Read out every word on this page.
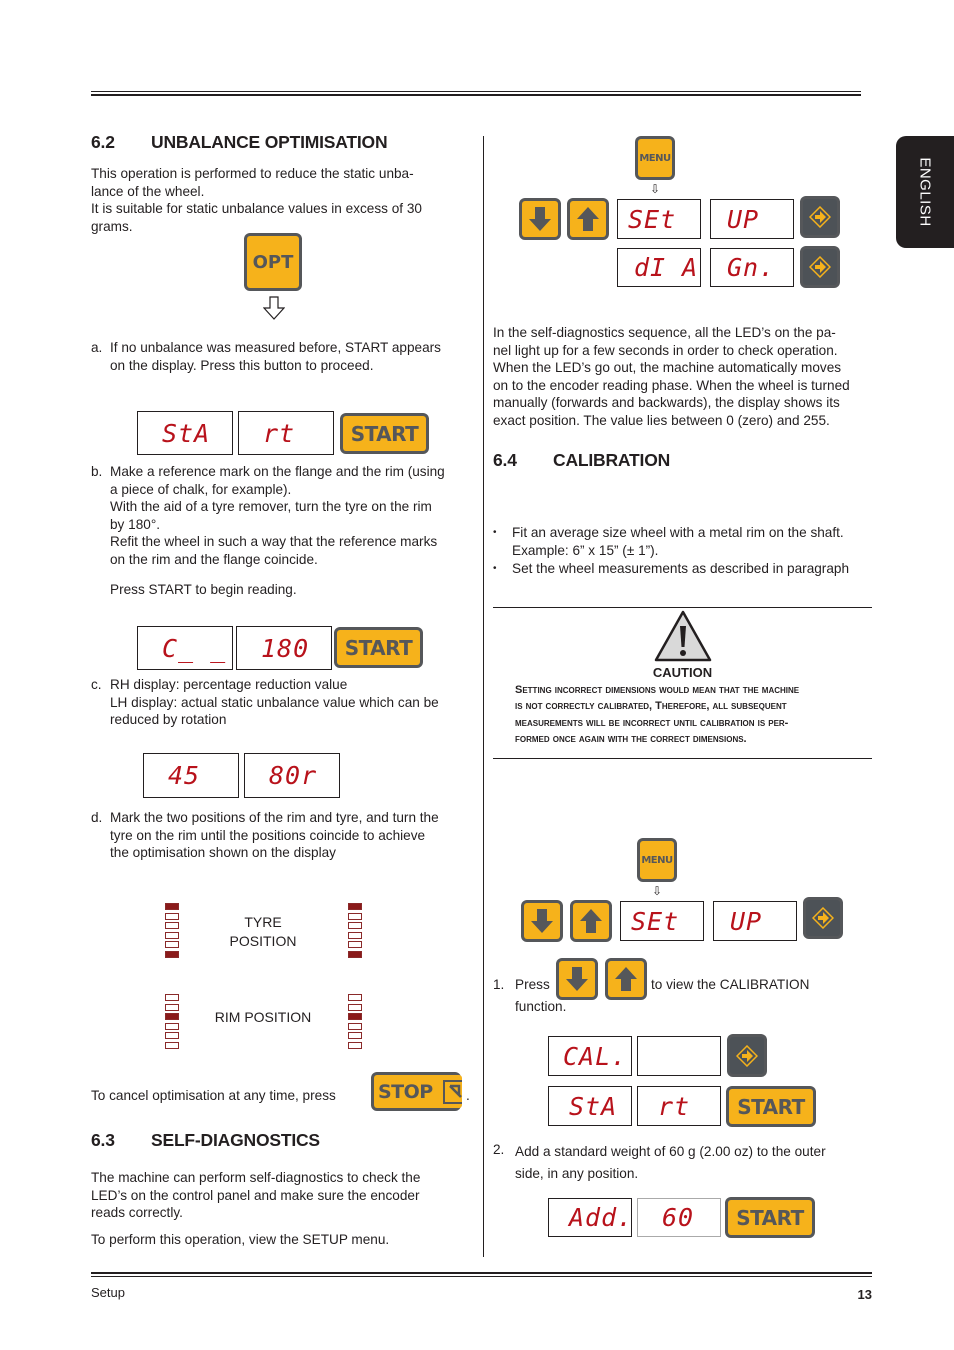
ENGLISH
6.2 UNBALANCE OPTIMISATION
This operation is performed to reduce the static unba-
lance of the wheel.
It is suitable for static unbalance values in excess of 30
grams.
OPT
a. If no unbalance was measured before, START appears
on the display. Press this button to proceed.
StA	rt	START
b. Make a reference mark on the flange and the rim (using
a piece of chalk, for example).
With the aid of a tyre remover, turn the tyre on the rim
by 180°.
Refit the wheel in such a way that the reference marks
on the rim and the flange coincide.
Press START to begin reading.
C_ _	180	START
c. RH display: percentage reduction value
LH display: actual static unbalance value which can be
reduced by rotation
45	80r
d. Mark the two positions of the rim and tyre, and turn the
tyre on the rim until the positions coincide to achieve
the optimisation shown on the display
TYRE
POSITION
RIM POSITION
To cancel optimisation at any time, press STOP .
6.3 SELF-DIAGNOSTICS
The machine can perform self-diagnostics to check the
LED’s on the control panel and make sure the encoder
reads correctly.
To perform this operation, view the SETUP menu.
MENU
⇩
SEt	UP
dI A	Gn.
In the self-diagnostics sequence, all the LED’s on the pa-
nel light up for a few seconds in order to check operation.
When the LED’s go out, the machine automatically moves
on to the encoder reading phase. When the wheel is turned
manually (forwards and backwards), the display shows its
exact position. The value lies between 0 (zero) and 255.
6.4 CALIBRATION
• Fit an average size wheel with a metal rim on the shaft.
Example: 6” x 15” (± 1”).
• Set the wheel measurements as described in paragraph
CAUTION
Setting incorrect dimensions would mean that the machine
is not correctly calibrated, Therefore, all subsequent
measurements will be incorrect until calibration is per-
formed once again with the correct dimensions.
MENU
⇩
SEt	UP
1. Press	to view the CALIBRATION
function.
CAL.
StA	rt	START
2. Add a standard weight of 60 g (2.00 oz) to the outer
side, in any position.
Add.	60	START
Setup	13
